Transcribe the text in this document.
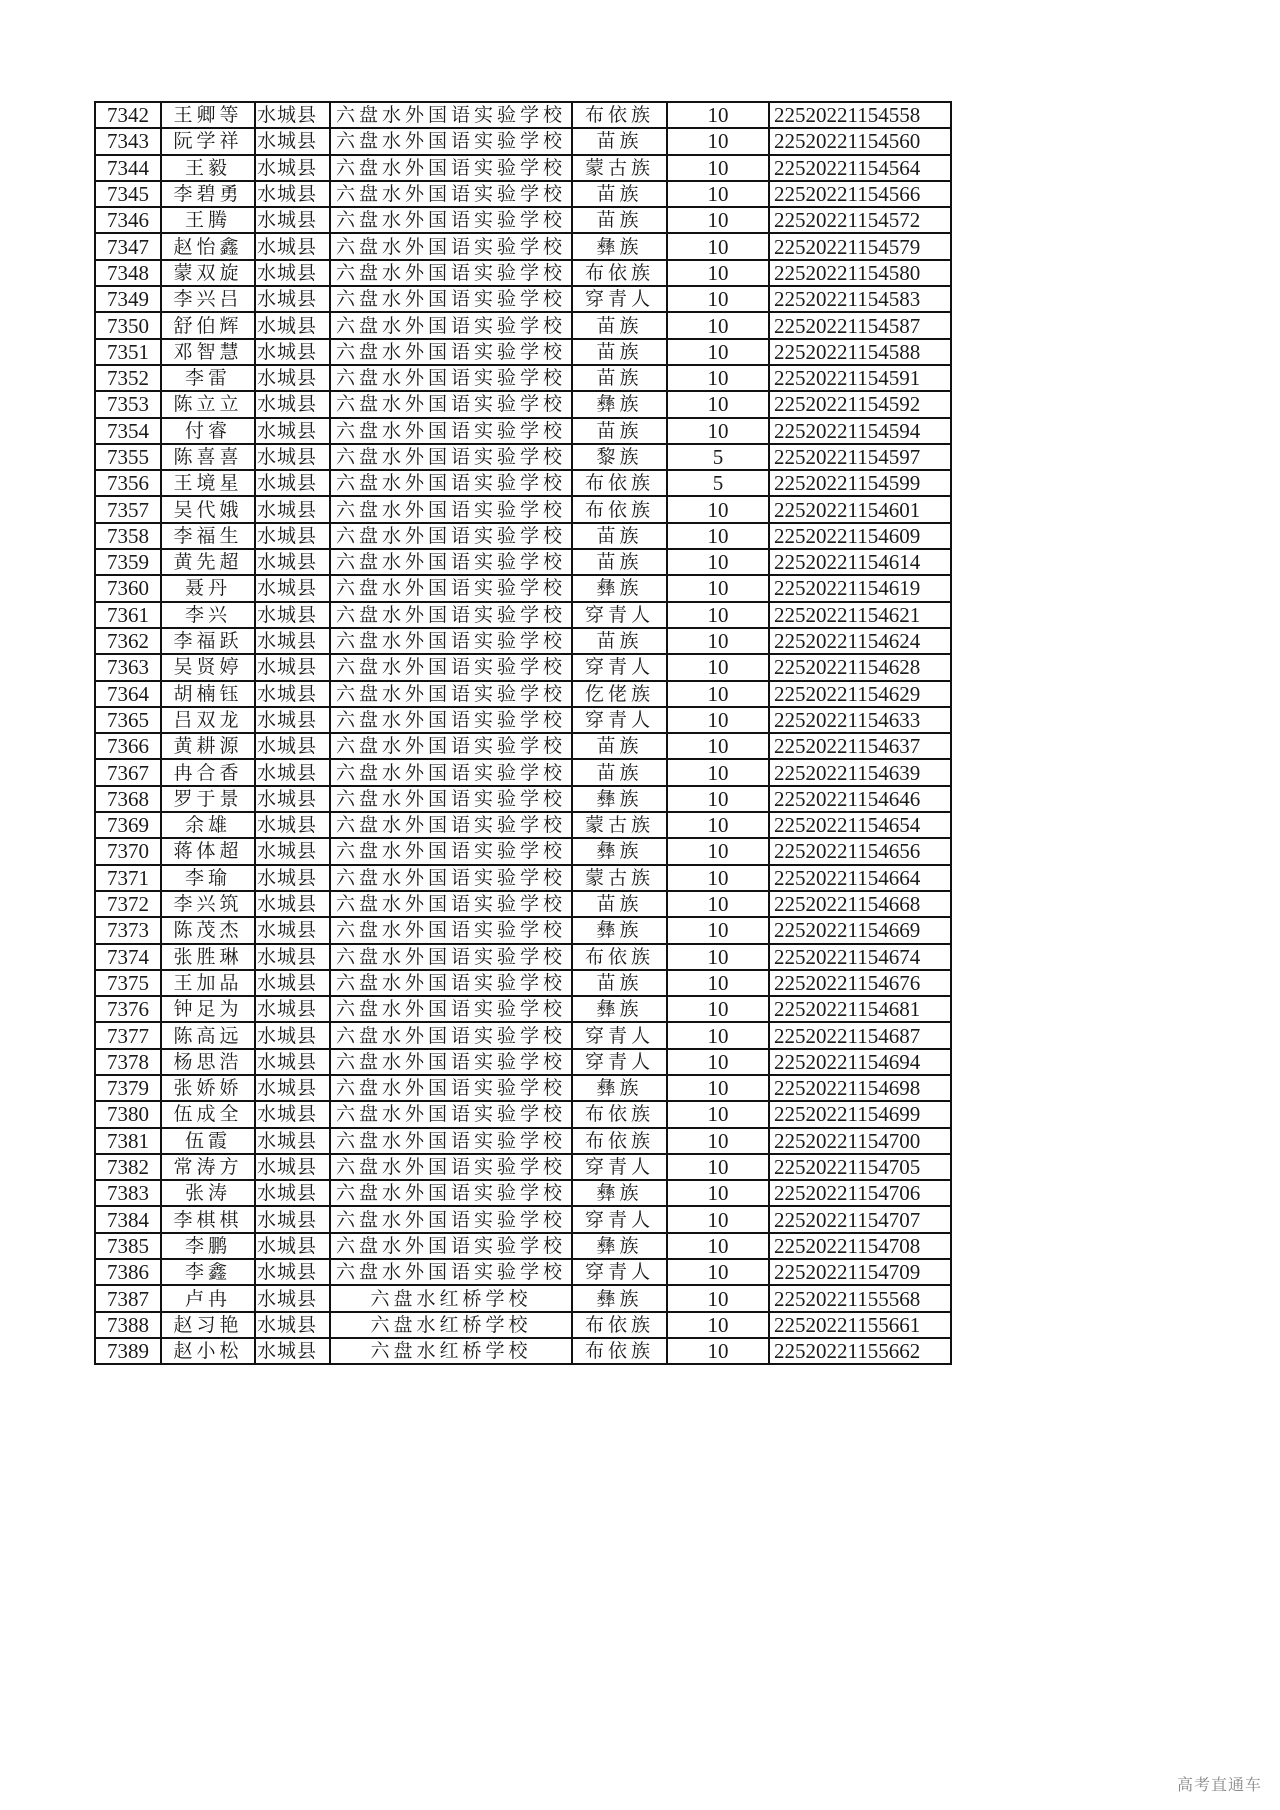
7342	王卿等	水城县	六盘水外国语实验学校	布依族	10	22520221154558
7343	阮学祥	水城县	六盘水外国语实验学校	苗族	10	22520221154560
7344	王毅	水城县	六盘水外国语实验学校	蒙古族	10	22520221154564
7345	李碧勇	水城县	六盘水外国语实验学校	苗族	10	22520221154566
7346	王腾	水城县	六盘水外国语实验学校	苗族	10	22520221154572
7347	赵怡鑫	水城县	六盘水外国语实验学校	彝族	10	22520221154579
7348	蒙双旋	水城县	六盘水外国语实验学校	布依族	10	22520221154580
7349	李兴吕	水城县	六盘水外国语实验学校	穿青人	10	22520221154583
7350	舒伯辉	水城县	六盘水外国语实验学校	苗族	10	22520221154587
7351	邓智慧	水城县	六盘水外国语实验学校	苗族	10	22520221154588
7352	李雷	水城县	六盘水外国语实验学校	苗族	10	22520221154591
7353	陈立立	水城县	六盘水外国语实验学校	彝族	10	22520221154592
7354	付睿	水城县	六盘水外国语实验学校	苗族	10	22520221154594
7355	陈喜喜	水城县	六盘水外国语实验学校	黎族	5	22520221154597
7356	王境星	水城县	六盘水外国语实验学校	布依族	5	22520221154599
7357	吴代娥	水城县	六盘水外国语实验学校	布依族	10	22520221154601
7358	李福生	水城县	六盘水外国语实验学校	苗族	10	22520221154609
7359	黄先超	水城县	六盘水外国语实验学校	苗族	10	22520221154614
7360	聂丹	水城县	六盘水外国语实验学校	彝族	10	22520221154619
7361	李兴	水城县	六盘水外国语实验学校	穿青人	10	22520221154621
7362	李福跃	水城县	六盘水外国语实验学校	苗族	10	22520221154624
7363	吴贤婷	水城县	六盘水外国语实验学校	穿青人	10	22520221154628
7364	胡楠钰	水城县	六盘水外国语实验学校	仡佬族	10	22520221154629
7365	吕双龙	水城县	六盘水外国语实验学校	穿青人	10	22520221154633
7366	黄耕源	水城县	六盘水外国语实验学校	苗族	10	22520221154637
7367	冉合香	水城县	六盘水外国语实验学校	苗族	10	22520221154639
7368	罗于景	水城县	六盘水外国语实验学校	彝族	10	22520221154646
7369	余雄	水城县	六盘水外国语实验学校	蒙古族	10	22520221154654
7370	蒋体超	水城县	六盘水外国语实验学校	彝族	10	22520221154656
7371	李瑜	水城县	六盘水外国语实验学校	蒙古族	10	22520221154664
7372	李兴筑	水城县	六盘水外国语实验学校	苗族	10	22520221154668
7373	陈茂杰	水城县	六盘水外国语实验学校	彝族	10	22520221154669
7374	张胜琳	水城县	六盘水外国语实验学校	布依族	10	22520221154674
7375	王加品	水城县	六盘水外国语实验学校	苗族	10	22520221154676
7376	钟足为	水城县	六盘水外国语实验学校	彝族	10	22520221154681
7377	陈高远	水城县	六盘水外国语实验学校	穿青人	10	22520221154687
7378	杨思浩	水城县	六盘水外国语实验学校	穿青人	10	22520221154694
7379	张娇娇	水城县	六盘水外国语实验学校	彝族	10	22520221154698
7380	伍成全	水城县	六盘水外国语实验学校	布依族	10	22520221154699
7381	伍霞	水城县	六盘水外国语实验学校	布依族	10	22520221154700
7382	常涛方	水城县	六盘水外国语实验学校	穿青人	10	22520221154705
7383	张涛	水城县	六盘水外国语实验学校	彝族	10	22520221154706
7384	李棋棋	水城县	六盘水外国语实验学校	穿青人	10	22520221154707
7385	李鹏	水城县	六盘水外国语实验学校	彝族	10	22520221154708
7386	李鑫	水城县	六盘水外国语实验学校	穿青人	10	22520221154709
7387	卢冉	水城县	六盘水红桥学校	彝族	10	22520221155568
7388	赵习艳	水城县	六盘水红桥学校	布依族	10	22520221155661
7389	赵小松	水城县	六盘水红桥学校	布依族	10	22520221155662
高考直通车
